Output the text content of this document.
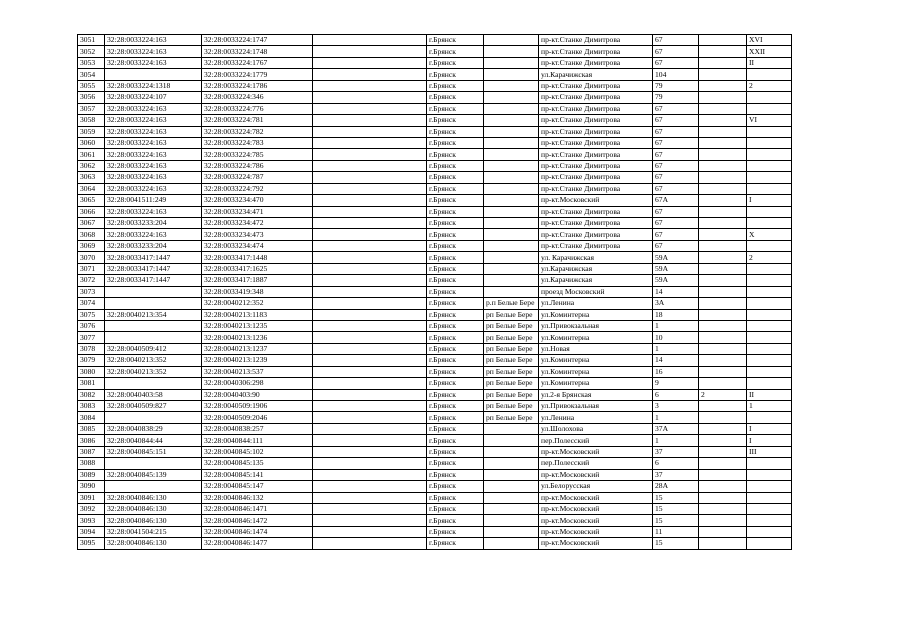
3051	32:28:0033224:163	32:28:0033224:1747		г.Брянск		пр-кт.Станке Димитрова	67		XVI
3052	32:28:0033224:163	32:28:0033224:1748		г.Брянск		пр-кт.Станке Димитрова	67		XXII
3053	32:28:0033224:163	32:28:0033224:1767		г.Брянск		пр-кт.Станке Димитрова	67		II
3054		32:28:0033224:1779		г.Брянск		ул.Карачижская	104		
3055	32:28:0033224:1318	32:28:0033224:1786		г.Брянск		пр-кт.Станке Димитрова	79		2
3056	32:28:0033224:107	32:28:0033224:346		г.Брянск		пр-кт.Станке Димитрова	79		
3057	32:28:0033224:163	32:28:0033224:776		г.Брянск		пр-кт.Станке Димитрова	67		
3058	32:28:0033224:163	32:28:0033224:781		г.Брянск		пр-кт.Станке Димитрова	67		VI
3059	32:28:0033224:163	32:28:0033224:782		г.Брянск		пр-кт.Станке Димитрова	67		
3060	32:28:0033224:163	32:28:0033224:783		г.Брянск		пр-кт.Станке Димитрова	67		
3061	32:28:0033224:163	32:28:0033224:785		г.Брянск		пр-кт.Станке Димитрова	67		
3062	32:28:0033224:163	32:28:0033224:786		г.Брянск		пр-кт.Станке Димитрова	67		
3063	32:28:0033224:163	32:28:0033224:787		г.Брянск		пр-кт.Станке Димитрова	67		
3064	32:28:0033224:163	32:28:0033224:792		г.Брянск		пр-кт.Станке Димитрова	67		
3065	32:28:0041511:249	32:28:0033234:470		г.Брянск		пр-кт.Московский	67А		I
3066	32:28:0033224:163	32:28:0033234:471		г.Брянск		пр-кт.Станке Димитрова	67		
3067	32:28:0033233:204	32:28:0033234:472		г.Брянск		пр-кт.Станке Димитрова	67		
3068	32:28:0033224:163	32:28:0033234:473		г.Брянск		пр-кт.Станке Димитрова	67		X
3069	32:28:0033233:204	32:28:0033234:474		г.Брянск		пр-кт.Станке Димитрова	67		
3070	32:28:0033417:1447	32:28:0033417:1448		г.Брянск		ул. Карачижская	59А		2
3071	32:28:0033417:1447	32:28:0033417:1625		г.Брянск		ул.Карачижская	59А		
3072	32:28:0033417:1447	32:28:0033417:1887		г.Брянск		ул.Карачижская	59А		
3073		32:28:0033419:348		г.Брянск		проезд Московский	14		
3074		32:28:0040212:352		г.Брянск	р.п Белые Бере	ул.Ленина	3А		
3075	32:28:0040213:354	32:28:0040213:1183		г.Брянск	рп Белые Бере	ул.Коминтерна	18		
3076		32:28:0040213:1235		г.Брянск	рп Белые Бере	ул.Привокзальная	1		
3077		32:28:0040213:1236		г.Брянск	рп Белые Бере	ул.Коминтерна	10		
3078	32:28:0040509:412	32:28:0040213:1237		г.Брянск	рп Белые Бере	ул.Новая	1		
3079	32:28:0040213:352	32:28:0040213:1239		г.Брянск	рп Белые Бере	ул.Коминтерна	14		
3080	32:28:0040213:352	32:28:0040213:537		г.Брянск	рп Белые Бере	ул.Коминтерна	16		
3081		32:28:0040306:298		г.Брянск	рп Белые Бере	ул.Коминтерна	9		
3082	32:28:0040403:58	32:28:0040403:90		г.Брянск	рп Белые Бере	ул.2-я Брянская	6	2	II
3083	32:28:0040509:827	32:28:0040509:1906		г.Брянск	рп Белые Бере	ул.Привокзальная	3		1
3084		32:28:0040509:2046		г.Брянск	рп Белые Бере	ул.Ленина	1		
3085	32:28:0040838:29	32:28:0040838:257		г.Брянск		ул.Шолохова	37А		I
3086	32:28:0040844:44	32:28:0040844:111		г.Брянск		пер.Полесский	1		I
3087	32:28:0040845:151	32:28:0040845:102		г.Брянск		пр-кт.Московский	37		III
3088		32:28:0040845:135		г.Брянск		пер.Полесский	6		
3089	32:28:0040845:139	32:28:0040845:141		г.Брянск		пр-кт.Московский	37		
3090		32:28:0040845:147		г.Брянск		ул.Белорусская	28А		
3091	32:28:0040846:130	32:28:0040846:132		г.Брянск		пр-кт.Московский	15		
3092	32:28:0040846:130	32:28:0040846:1471		г.Брянск		пр-кт.Московский	15		
3093	32:28:0040846:130	32:28:0040846:1472		г.Брянск		пр-кт.Московский	15		
3094	32:28:0041504:215	32:28:0040846:1474		г.Брянск		пр-кт.Московский	11		
3095	32:28:0040846:130	32:28:0040846:1477		г.Брянск		пр-кт.Московский	15		
